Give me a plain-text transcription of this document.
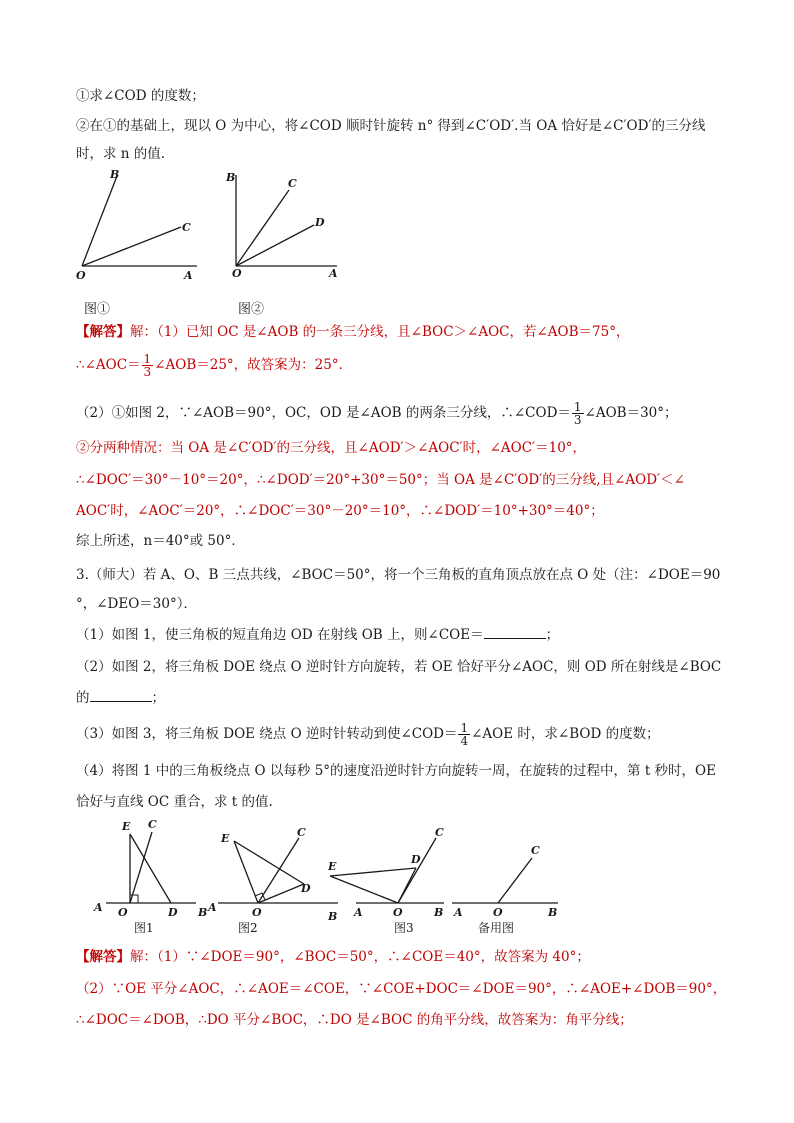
①求∠COD 的度数；
②在①的基础上，现以 O 为中心，将∠COD 顺时针旋转 n° 得到∠C′OD′.当 OA 恰好是∠C′OD′的三分线
时，求 n 的值.
B
C
O	A
图①
B	C
D
O	A
图②
【解答】解：（1）已知 OC 是∠AOB 的一条三分线，且∠BOC＞∠AOC，若∠AOB＝75°，
∴∠AOC＝ $\frac{1}{3}$ ∠AOB＝25°，故答案为：25°．
（2）①如图 2，∵∠AOB＝90°，OC，OD 是∠AOB 的两条三分线，∴∠COD＝ $\frac{1}{3}$ ∠AOB＝30°；
②分两种情况：当 OA 是∠C′OD′的三分线，且∠AOD′＞∠AOC′时，∠AOC′＝10°，
∴∠DOC′＝30°－10°＝20°，∴∠DOD′＝20°+30°＝50°；当 OA 是∠C′OD′的三分线,且∠AOD′＜∠
AOC′时，∠AOC′＝20°，∴∠DOC′＝30°－20°＝10°，∴∠DOD′＝10°+30°＝40°；
综上所述，n＝40°或 50°．
3.（师大）若 A、O、B 三点共线，∠BOC＝50°，将一个三角板的直角顶点放在点 O 处（注：∠DOE＝90
°，∠DEO＝30°）．
（1）如图 1，使三角板的短直角边 OD 在射线 OB 上，则∠COE＝	；
（2）如图 2，将三角板 DOE 绕点 O 逆时针方向旋转，若 OE 恰好平分∠AOC，则 OD 所在射线是∠BOC
的	；
（3）如图 3，将三角板 DOE 绕点 O 逆时针转动到使∠COD＝ $\frac{1}{4}$ ∠AOE 时，求∠BOD 的度数；
（4）将图 1 中的三角板绕点 O 以每秒 5°的速度沿逆时针方向旋转一周，在旋转的过程中，第 t 秒时，OE
恰好与直线 OC 重合，求 t 的值.
E C
A O	D B
图1
E	C
D
A	O	B
图2
E
C
D
A	O	B
图3
C
A	O	B
备用图
【解答】解：（1）∵∠DOE＝90°，∠BOC＝50°，∴∠COE＝40°，故答案为 40°；
（2）∵OE 平分∠AOC，∴∠AOE＝∠COE，∵∠COE+DOC＝∠DOE＝90°，∴∠AOE+∠DOB＝90°，
∴∠DOC＝∠DOB，∴DO 平分∠BOC，∴DO 是∠BOC 的角平分线，故答案为：角平分线；
